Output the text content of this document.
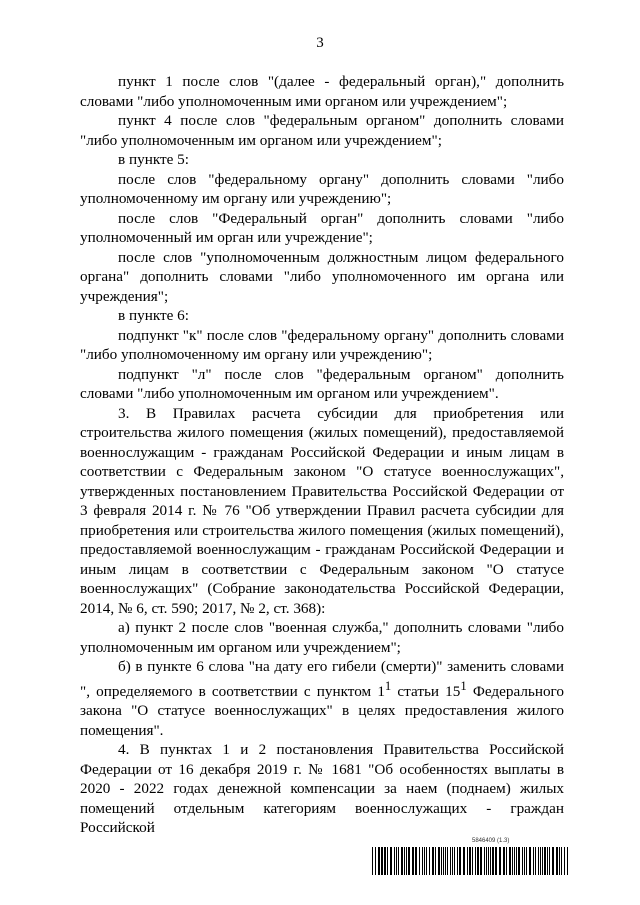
3

пункт 1 после слов "(далее - федеральный орган)," дополнить словами "либо уполномоченным ими органом или учреждением";

пункт 4 после слов "федеральным органом" дополнить словами "либо уполномоченным им органом или учреждением";

в пункте 5:

после слов "федеральному органу" дополнить словами "либо уполномоченному им органу или учреждению";

после слов "Федеральный орган" дополнить словами "либо уполномоченный им орган или учреждение";

после слов "уполномоченным должностным лицом федерального органа" дополнить словами "либо уполномоченного им органа или учреждения";

в пункте 6:

подпункт "к" после слов "федеральному органу" дополнить словами "либо уполномоченному им органу или учреждению";

подпункт "л" после слов "федеральным органом" дополнить словами "либо уполномоченным им органом или учреждением".

3. В Правилах расчета субсидии для приобретения или строительства жилого помещения (жилых помещений), предоставляемой военнослужащим - гражданам Российской Федерации и иным лицам в соответствии с Федеральным законом "О статусе военнослужащих", утвержденных постановлением Правительства Российской Федерации от 3 февраля 2014 г. № 76 "Об утверждении Правил расчета субсидии для приобретения или строительства жилого помещения (жилых помещений), предоставляемой военнослужащим - гражданам Российской Федерации и иным лицам в соответствии с Федеральным законом "О статусе военнослужащих" (Собрание законодательства Российской Федерации, 2014, № 6, ст. 590; 2017, № 2, ст. 368):

а) пункт 2 после слов "военная служба," дополнить словами "либо уполномоченным им органом или учреждением";

б) в пункте 6 слова "на дату его гибели (смерти)" заменить словами ", определяемого в соответствии с пунктом $1^1$ статьи $15^1$ Федерального закона "О статусе военнослужащих" в целях предоставления жилого помещения".

4. В пунктах 1 и 2 постановления Правительства Российской Федерации от 16 декабря 2019 г. № 1681 "Об особенностях выплаты в 2020 - 2022 годах денежной компенсации за наем (поднаем) жилых помещений отдельным категориям военнослужащих - граждан Российской

5846409 (1.3)
